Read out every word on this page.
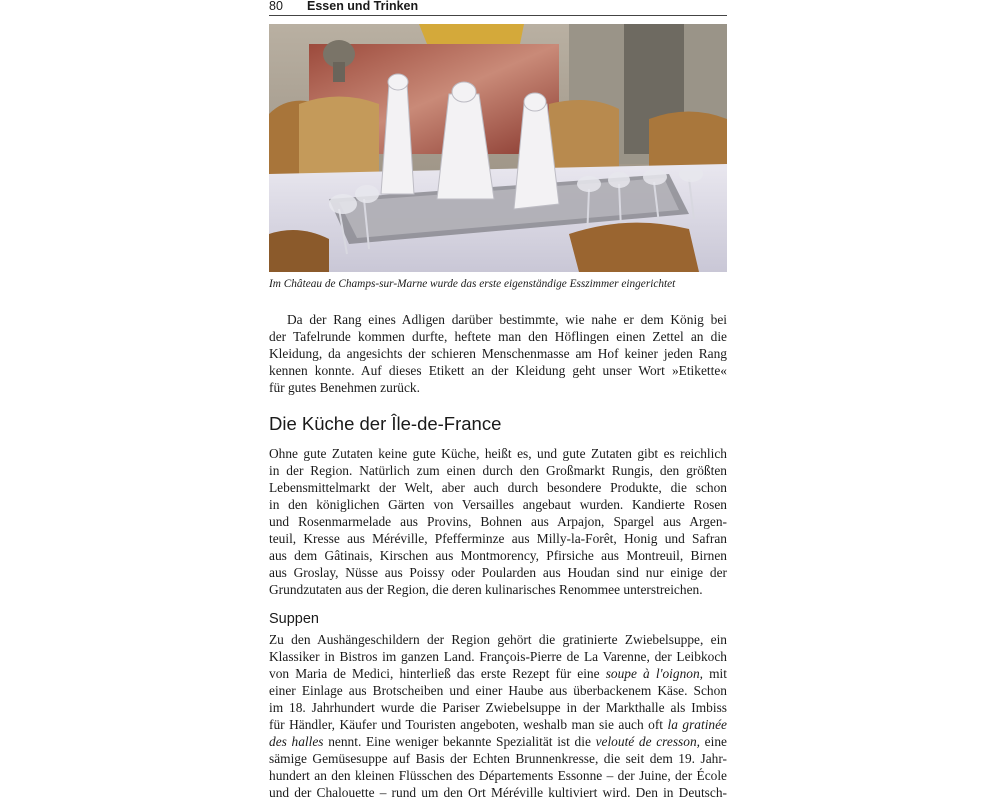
80 Essen und Trinken
Im Château de Champs-sur-Marne wurde das erste eigenständige Esszimmer eingerichtet
Da der Rang eines Adligen darüber bestimmte, wie nahe er dem König bei
der Tafelrunde kommen durfte, heftete man den Höflingen einen Zettel an die
Kleidung, da angesichts der schieren Menschenmasse am Hof keiner jeden Rang
kennen konnte. Auf dieses Etikett an der Kleidung geht unser Wort »Etikette«
für gutes Benehmen zurück.
Die Küche der Île-de-France
Ohne gute Zutaten keine gute Küche, heißt es, und gute Zutaten gibt es reichlich
in der Region. Natürlich zum einen durch den Großmarkt Rungis, den größten
Lebensmittelmarkt der Welt, aber auch durch besondere Produkte, die schon
in den königlichen Gärten von Versailles angebaut wurden. Kandierte Rosen
und Rosenmarmelade aus Provins, Bohnen aus Arpajon, Spargel aus Argen-
teuil, Kresse aus Méréville, Pfefferminze aus Milly-la-Forêt, Honig und Safran
aus dem Gâtinais, Kirschen aus Montmorency, Pfirsiche aus Montreuil, Birnen
aus Groslay, Nüsse aus Poissy oder Poularden aus Houdan sind nur einige der
Grundzutaten aus der Region, die deren kulinarisches Renommee unterstreichen.
Suppen
Zu den Aushängeschildern der Region gehört die gratinierte Zwiebelsuppe, ein
Klassiker in Bistros im ganzen Land. François-Pierre de La Varenne, der Leibkoch
von Maria de Medici, hinterließ das erste Rezept für eine soupe à l'oignon, mit
einer Einlage aus Brotscheiben und einer Haube aus überbackenem Käse. Schon
im 18. Jahrhundert wurde die Pariser Zwiebelsuppe in der Markthalle als Imbiss
für Händler, Käufer und Touristen angeboten, weshalb man sie auch oft la gratinée
des halles nennt. Eine weniger bekannte Spezialität ist die velouté de cresson, eine
sämige Gemüsesuppe auf Basis der Echten Brunnenkresse, die seit dem 19. Jahr-
hundert an den kleinen Flüsschen des Départements Essonne – der Juine, der École
und der Chalouette – rund um den Ort Méréville kultiviert wird. Den in Deutsch-
